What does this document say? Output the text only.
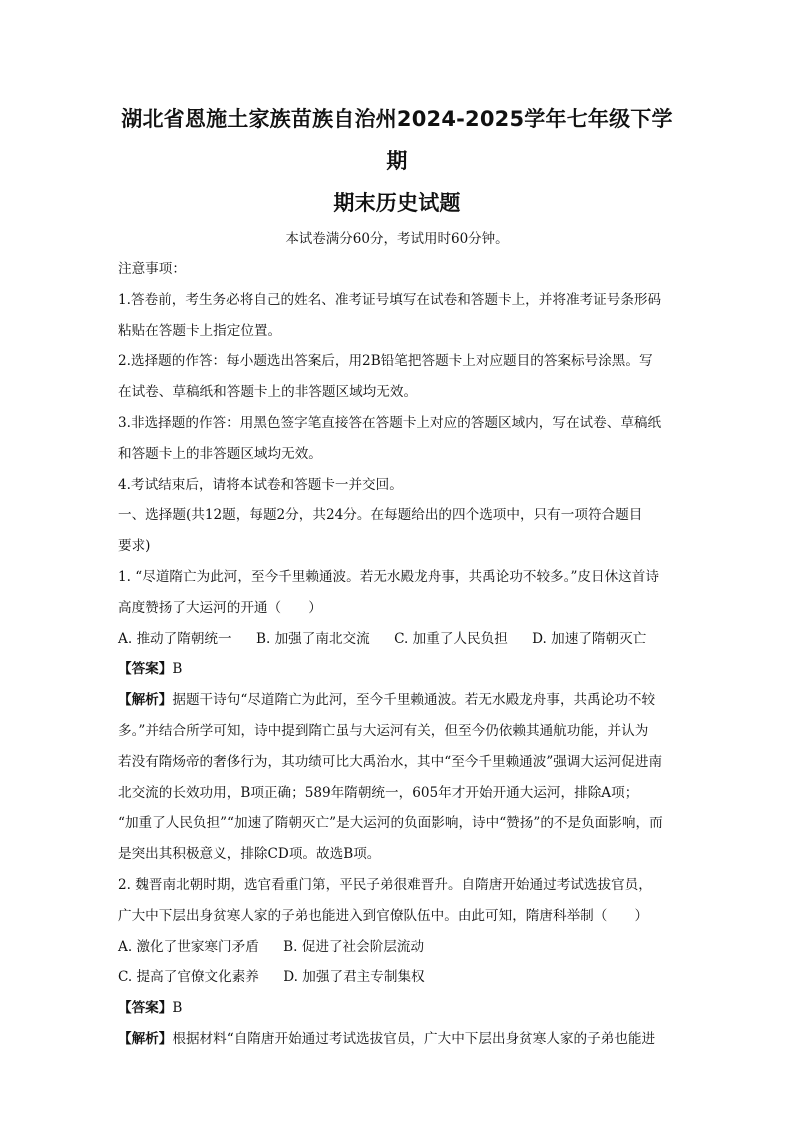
湖北省恩施土家族苗族自治州2024-2025学年七年级下学期
期末历史试题

本试卷满分60分，考试用时60分钟。

注意事项：

1.答卷前，考生务必将自己的姓名、准考证号填写在试卷和答题卡上，并将准考证号条形码

粘贴在答题卡上指定位置。

2.选择题的作答：每小题选出答案后，用2B铅笔把答题卡上对应题目的答案标号涂黑。写

在试卷、草稿纸和答题卡上的非答题区域均无效。

3.非选择题的作答：用黑色签字笔直接答在答题卡上对应的答题区域内，写在试卷、草稿纸

和答题卡上的非答题区域均无效。

4.考试结束后，请将本试卷和答题卡一并交回。

一、选择题(共12题，每题2分，共24分。在每题给出的四个选项中，只有一项符合题目

要求)

1. “尽道隋亡为此河，至今千里赖通波。若无水殿龙舟事，共禹论功不较多。”皮日休这首诗

高度赞扬了大运河的开通（　　）

A. 推动了隋朝统一 B. 加强了南北交流 C. 加重了人民负担 D. 加速了隋朝灭亡

【答案】B

【解析】据题干诗句“尽道隋亡为此河，至今千里赖通波。若无水殿龙舟事，共禹论功不较

多。”并结合所学可知，诗中提到隋亡虽与大运河有关，但至今仍依赖其通航功能，并认为

若没有隋炀帝的奢侈行为，其功绩可比大禹治水，其中“至今千里赖通波”强调大运河促进南

北交流的长效功用，B项正确；589年隋朝统一，605年才开始开通大运河，排除A项；

“加重了人民负担”“加速了隋朝灭亡”是大运河的负面影响，诗中“赞扬”的不是负面影响，而

是突出其积极意义，排除CD项。故选B项。

2. 魏晋南北朝时期，选官看重门第，平民子弟很难晋升。自隋唐开始通过考试选拔官员，

广大中下层出身贫寒人家的子弟也能进入到官僚队伍中。由此可知，隋唐科举制（　　）

A. 激化了世家寒门矛盾 B. 促进了社会阶层流动

C. 提高了官僚文化素养 D. 加强了君主专制集权

【答案】B

【解析】根据材料“自隋唐开始通过考试选拔官员，广大中下层出身贫寒人家的子弟也能进
